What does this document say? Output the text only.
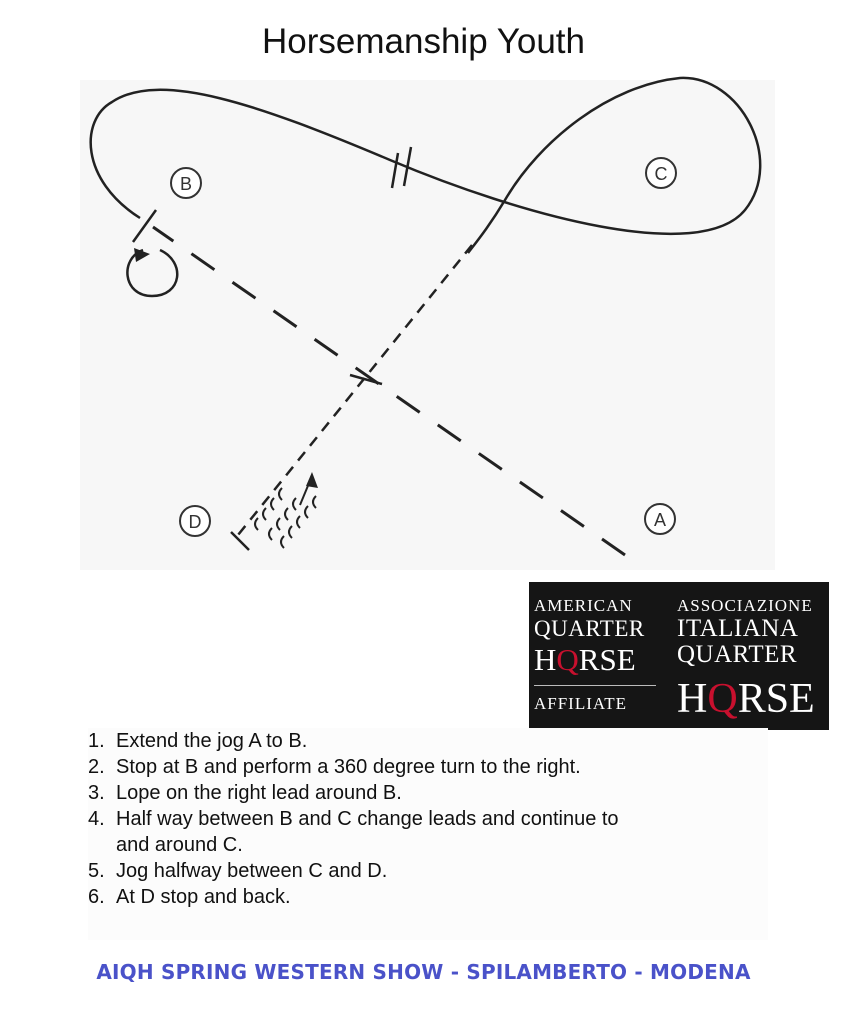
Horsemanship Youth
B	C
D	A
AMERICAN
QUARTER
HQRSE
AFFILIATE
ASSOCIAZIONE
ITALIANA
QUARTER
HQRSE
1. Extend the jog A to B.
2. Stop at B and perform a 360 degree turn to the right.
3. Lope on the right lead around B.
4. Half way between B and C change leads and continue to
and around C.
5. Jog halfway between C and D.
6. At D stop and back.
AIQH SPRING WESTERN SHOW - SPILAMBERTO - MODENA
